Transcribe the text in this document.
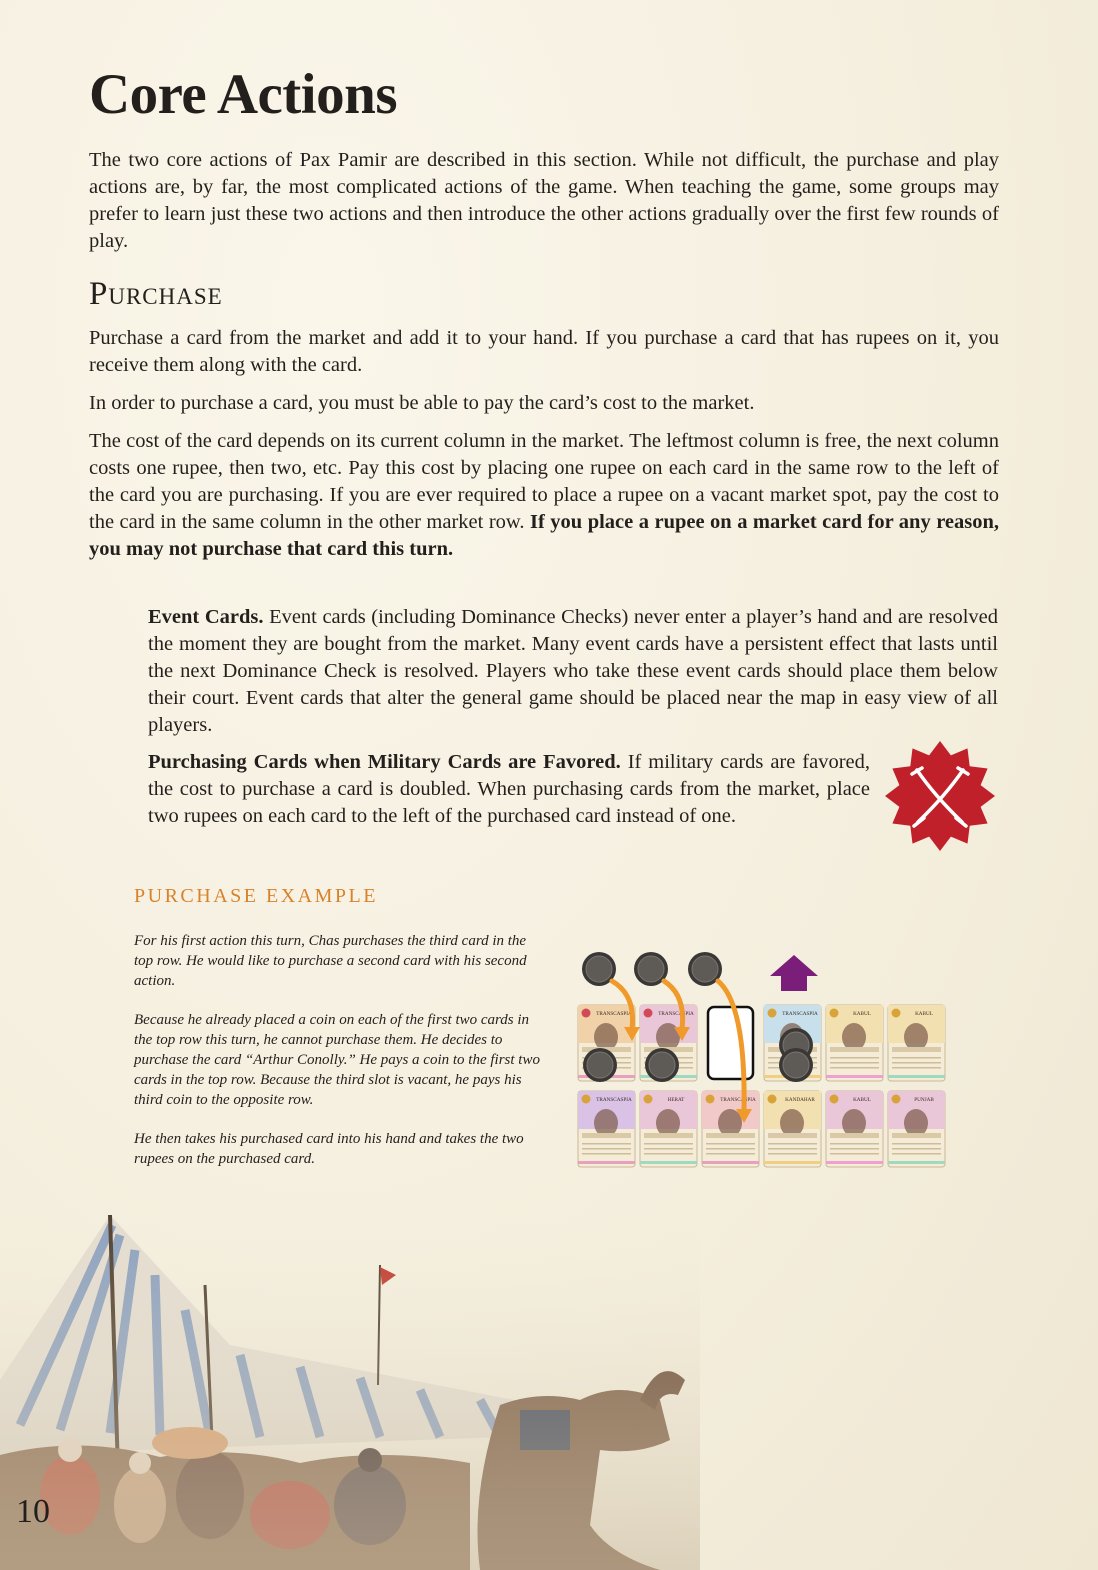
Core Actions

The two core actions of Pax Pamir are described in this section. While not difficult, the purchase and play actions are, by far, the most complicated actions of the game. When teaching the game, some groups may prefer to learn just these two actions and then introduce the other actions gradually over the first few rounds of play.

Purchase

Purchase a card from the market and add it to your hand. If you purchase a card that has rupees on it, you receive them along with the card.

In order to purchase a card, you must be able to pay the card’s cost to the market.

The cost of the card depends on its current column in the market. The leftmost column is free, the next column costs one rupee, then two, etc. Pay this cost by placing one rupee on each card in the same row to the left of the card you are purchasing. If you are ever required to place a rupee on a vacant market spot, pay the cost to the card in the same column in the other market row. If you place a rupee on a market card for any reason, you may not purchase that card this turn.

Event Cards. Event cards (including Dominance Checks) never enter a player’s hand and are resolved the moment they are bought from the market. Many event cards have a persistent effect that lasts until the next Dominance Check is resolved. Players who take these event cards should place them below their court. Event cards that alter the general game should be placed near the map in easy view of all players.

Purchasing Cards when Military Cards are Favored. If military cards are favored, the cost to purchase a card is doubled. When purchasing cards from the market, place two rupees on each card to the left of the purchased card instead of one.

PURCHASE EXAMPLE

For his first action this turn, Chas purchases the third card in the top row. He would like to purchase a second card with his second action.

Because he already placed a coin on each of the first two cards in the top row this turn, he cannot purchase them. He decides to purchase the card “Arthur Conolly.” He pays a coin to the first two cards in the top row. Because the third slot is vacant, he pays his third coin to the opposite row.

He then takes his purchased card into his hand and takes the two rupees on the purchased card.

TRANSCASPIA	TRANSCASPIA	TRANSCASPIA	KABUL	KABUL
TRANSCASPIA	HERAT	TRANSCASPIA	KANDAHAR	KABUL	PUNJAB
10
